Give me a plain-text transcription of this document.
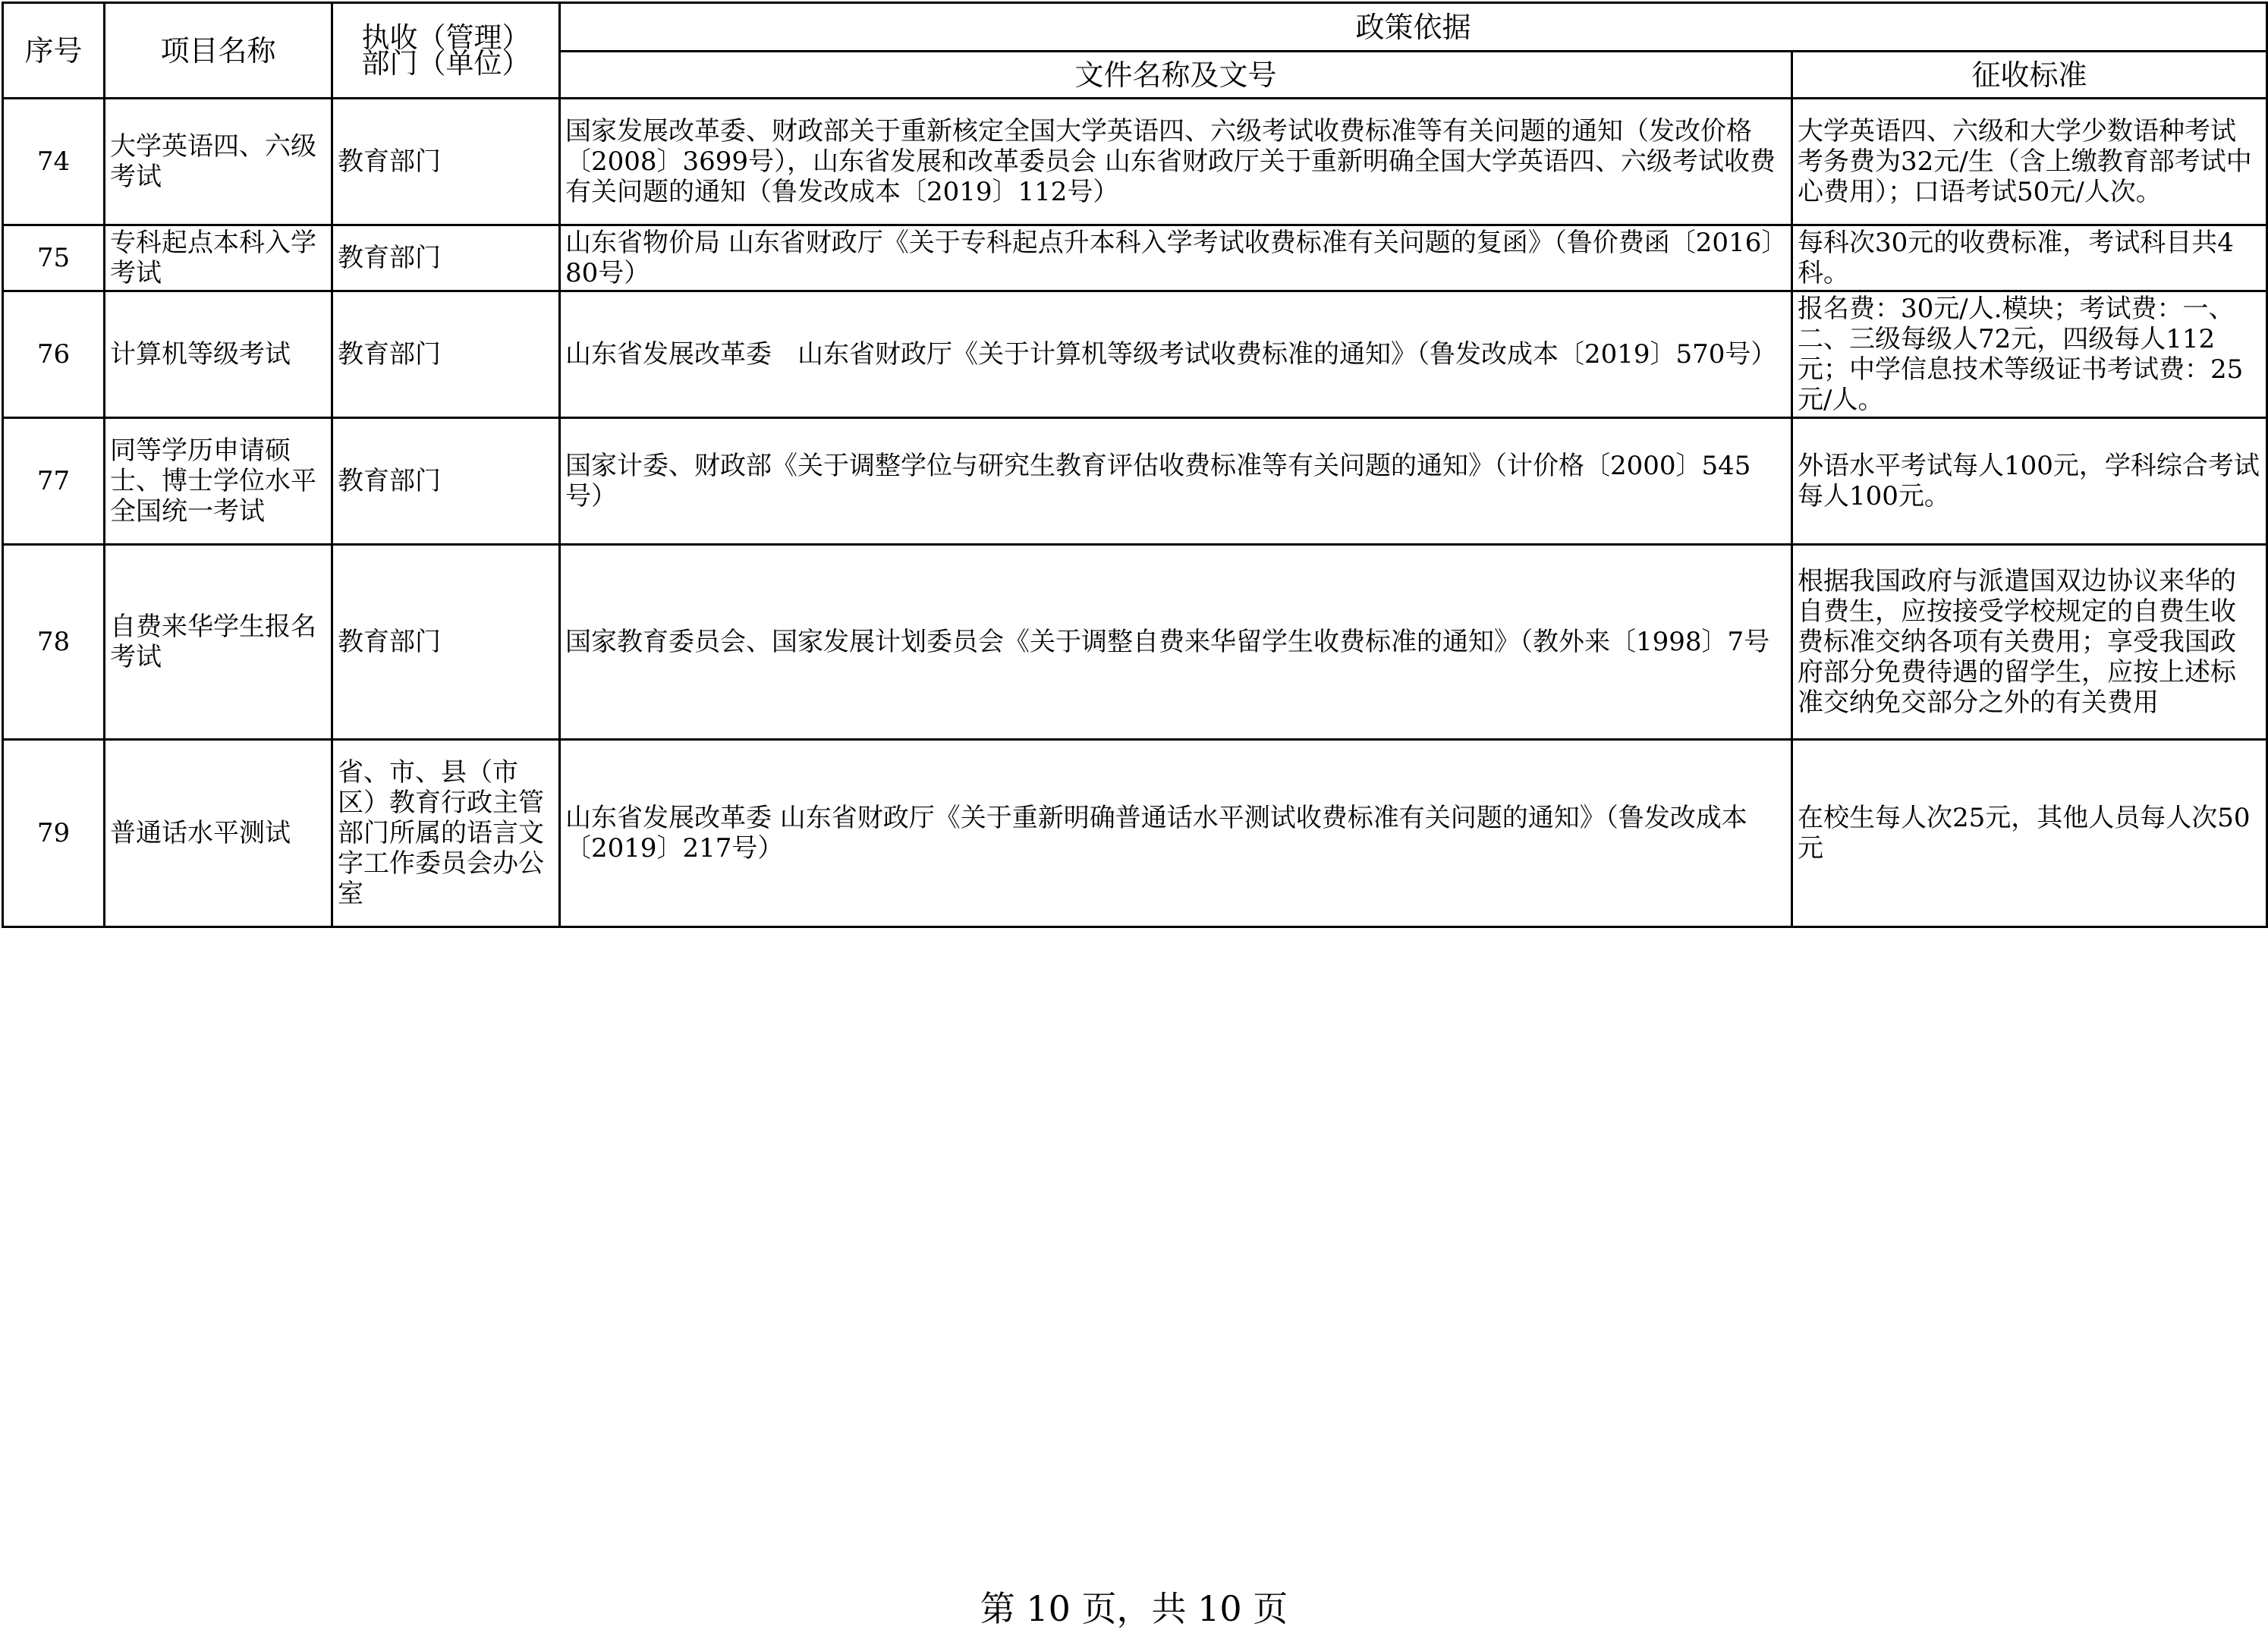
序号	项目名称	执收（管理）部门（单位）	政策依据	
			文件名称及文号	征收标准

74	大学英语四、六级考试	教育部门	国家发展改革委、财政部关于重新核定全国大学英语四、六级考试收费标准等有关问题的通知（发改价格〔2008〕3699号），山东省发展和改革委员会 山东省财政厅关于重新明确全国大学英语四、六级考试收费有关问题的通知（鲁发改成本〔2019〕112号）	大学英语四、六级和大学少数语种考试考务费为32元/生（含上缴教育部考试中心费用）；口语考试50元/人次。

75	专科起点本科入学考试	教育部门	山东省物价局 山东省财政厅《关于专科起点升本科入学考试收费标准有关问题的复函》（鲁价费函〔2016〕80号）	每科次30元的收费标准，考试科目共4科。

76	计算机等级考试	教育部门	山东省发展改革委　山东省财政厅《关于计算机等级考试收费标准的通知》（鲁发改成本〔2019〕570号）	报名费：30元/人.模块；考试费：一、二、三级每级人72元，四级每人112元；中学信息技术等级证书考试费：25元/人。

77	同等学历申请硕士、博士学位水平全国统一考试	教育部门	国家计委、财政部《关于调整学位与研究生教育评估收费标准等有关问题的通知》（计价格〔2000〕545号）	外语水平考试每人100元，学科综合考试每人100元。

78	自费来华学生报名考试	教育部门	国家教育委员会、国家发展计划委员会《关于调整自费来华留学生收费标准的通知》（教外来〔1998〕7号	根据我国政府与派遣国双边协议来华的自费生，应按接受学校规定的自费生收费标准交纳各项有关费用；享受我国政府部分免费待遇的留学生，应按上述标准交纳免交部分之外的有关费用

79	普通话水平测试	省、市、县（市区）教育行政主管部门所属的语言文字工作委员会办公室	山东省发展改革委 山东省财政厅《关于重新明确普通话水平测试收费标准有关问题的通知》（鲁发改成本〔2019〕217号）	在校生每人次25元，其他人员每人次50元
第 10 页，共 10 页
